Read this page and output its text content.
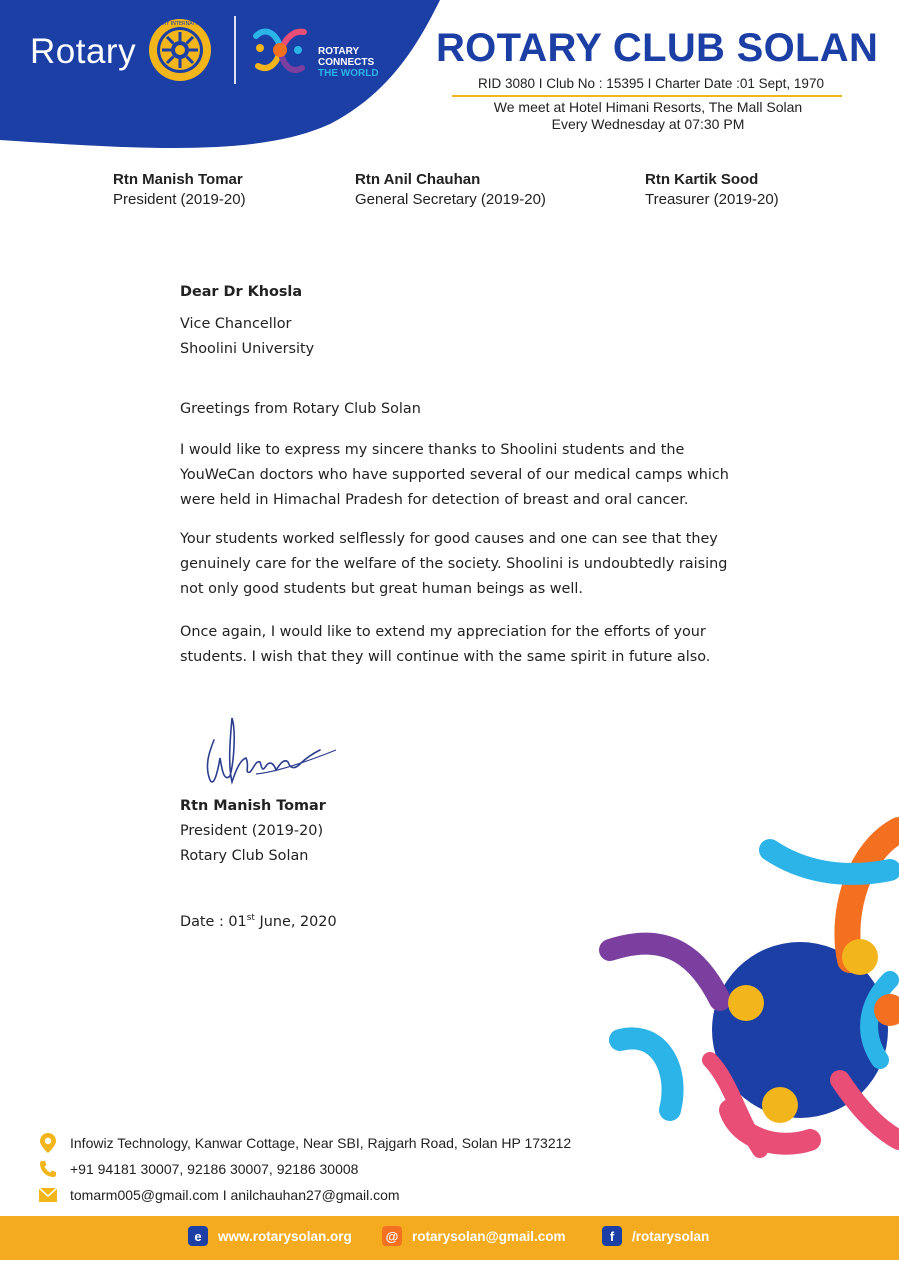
Rotary
ROTARY INTERNATIONAL
ROTARY
CONNECTS
THE WORLD
ROTARY CLUB SOLAN
RID 3080 I Club No : 15395 I Charter Date :01 Sept, 1970
We meet at Hotel Himani Resorts, The Mall Solan
Every Wednesday at 07:30 PM
Rtn Manish Tomar
President (2019-20)
Rtn Anil Chauhan
General Secretary (2019-20)
Rtn Kartik Sood
Treasurer (2019-20)

Dear Dr Khosla

Vice Chancellor

Shoolini University

Greetings from Rotary Club Solan

I would like to express my sincere thanks to Shoolini students and the

YouWeCan doctors who have supported several of our medical camps which

were held in Himachal Pradesh for detection of breast and oral cancer.

Your students worked selflessly for good causes and one can see that they

genuinely care for the welfare of the society. Shoolini is undoubtedly raising

not only good students but great human beings as well.

Once again, I would like to extend my appreciation for the efforts of your

students. I wish that they will continue with the same spirit in future also.

Rtn Manish Tomar
President (2019-20)
Rotary Club Solan
Date : 01st June, 2020
Infowiz Technology, Kanwar Cottage, Near SBI, Rajgarh Road, Solan HP 173212
+91 94181 30007, 92186 30007, 92186 30008
tomarm005@gmail.com I anilchauhan27@gmail.com
e	www.rotarysolan.org	@ rotarysolan@gmail.com	f	/rotarysolan
